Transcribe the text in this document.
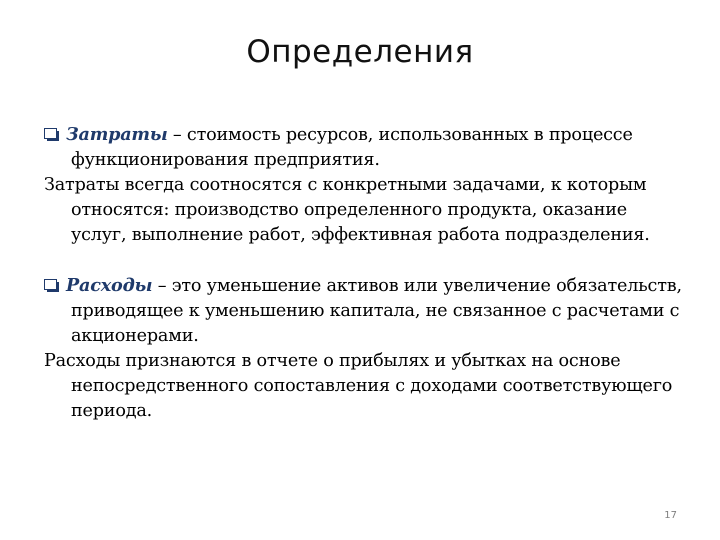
Определения

Затраты – стоимость ресурсов, использованных в процессе функционирования предприятия.

Затраты всегда соотносятся с конкретными задачами, к которым относятся: производство определенного продукта, оказание услуг, выполнение работ, эффективная работа подразделения.

Расходы – это уменьшение активов или увеличение обязательств, приводящее к уменьшению капитала, не связанное с расчетами с акционерами.

Расходы признаются в отчете о прибылях и убытках на основе непосредственного сопоставления с доходами соответствующего периода.

17
